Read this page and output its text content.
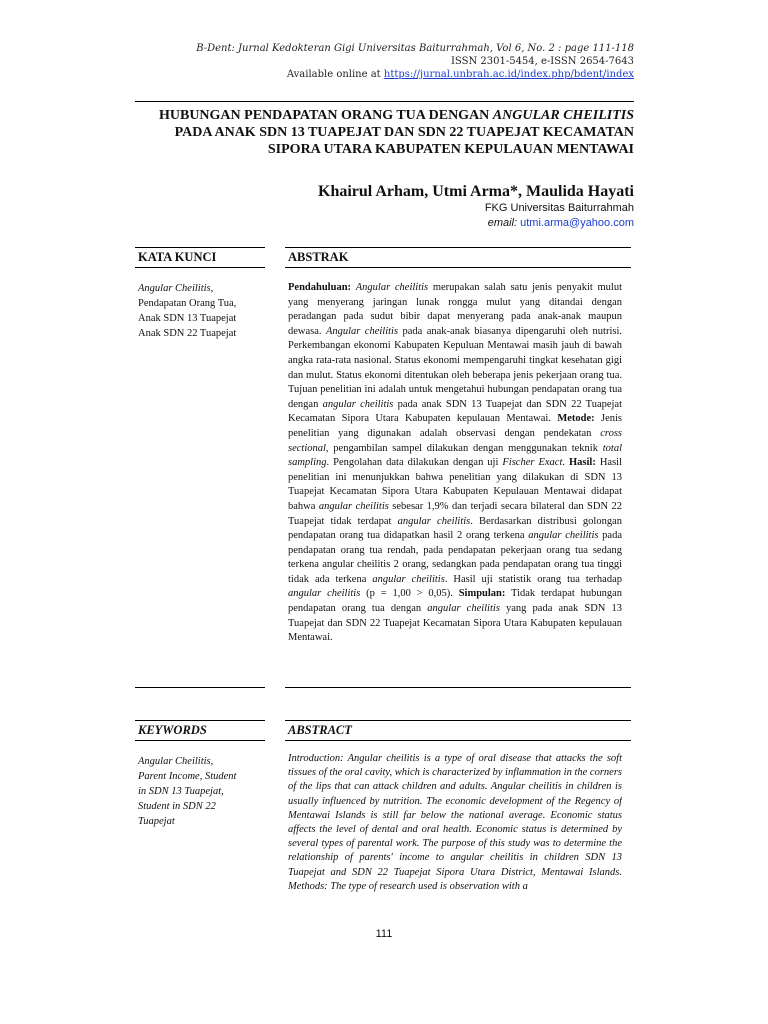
B-Dent: Jurnal Kedokteran Gigi Universitas Baiturrahmah, Vol 6, No. 2 : page 111-118
ISSN 2301-5454, e-ISSN 2654-7643
Available online at https://jurnal.unbrah.ac.id/index.php/bdent/index
HUBUNGAN PENDAPATAN ORANG TUA DENGAN ANGULAR CHEILITIS PADA ANAK SDN 13 TUAPEJAT DAN SDN 22 TUAPEJAT KECAMATAN SIPORA UTARA KABUPATEN KEPULAUAN MENTAWAI
Khairul Arham, Utmi Arma*, Maulida Hayati
FKG Universitas Baiturrahmah
email: utmi.arma@yahoo.com
KATA KUNCI	ABSTRAK
Angular Cheilitis,
Pendapatan Orang Tua,
Anak SDN 13 Tuapejat
Anak SDN 22 Tuapejat
Pendahuluan: Angular cheilitis merupakan salah satu jenis penyakit mulut yang menyerang jaringan lunak rongga mulut yang ditandai dengan peradangan pada sudut bibir dapat menyerang pada anak-anak maupun dewasa. Angular cheilitis pada anak-anak biasanya dipengaruhi oleh nutrisi. Perkembangan ekonomi Kabupaten Kepuluan Mentawai masih jauh di bawah angka rata-rata nasional. Status ekonomi mempengaruhi tingkat kesehatan gigi dan mulut. Status ekonomi ditentukan oleh beberapa jenis pekerjaan orang tua. Tujuan penelitian ini adalah untuk mengetahui hubungan pendapatan orang tua dengan angular cheilitis pada anak SDN 13 Tuapejat dan SDN 22 Tuapejat Kecamatan Sipora Utara Kabupaten kepulauan Mentawai. Metode: Jenis penelitian yang digunakan adalah observasi dengan pendekatan cross sectional, pengambilan sampel dilakukan dengan menggunakan teknik total sampling. Pengolahan data dilakukan dengan uji Fischer Exact. Hasil: Hasil penelitian ini menunjukkan bahwa penelitian yang dilakukan di SDN 13 Tuapejat Kecamatan Sipora Utara Kabupaten Kepulauan Mentawai didapat bahwa angular cheilitis sebesar 1,9% dan terjadi secara bilateral dan SDN 22 Tuapejat tidak terdapat angular cheilitis. Berdasarkan distribusi golongan pendapatan orang tua didapatkan hasil 2 orang terkena angular cheilitis pada pendapatan orang tua rendah, pada pendapatan pekerjaan orang tua sedang terkena angular cheilitis 2 orang, sedangkan pada pendapatan orang tua tinggi tidak ada terkena angular cheilitis. Hasil uji statistik orang tua terhadap angular cheilitis (p = 1,00 > 0,05). Simpulan: Tidak terdapat hubungan pendapatan orang tua dengan angular cheilitis yang pada anak SDN 13 Tuapejat dan SDN 22 Tuapejat Kecamatan Sipora Utara Kabupaten kepulauan Mentawai.
KEYWORDS	ABSTRACT
Angular Cheilitis,
Parent Income, Student
in SDN 13 Tuapejat,
Student in SDN 22
Tuapejat
Introduction: Angular cheilitis is a type of oral disease that attacks the soft tissues of the oral cavity, which is characterized by inflammation in the corners of the lips that can attack children and adults. Angular cheilitis in children is usually influenced by nutrition. The economic development of the Regency of Mentawai Islands is still far below the national average. Economic status affects the level of dental and oral health. Economic status is determined by several types of parental work. The purpose of this study was to determine the relationship of parents' income to angular cheilitis in children SDN 13 Tuapejat and SDN 22 Tuapejat Sipora Utara District, Mentawai Islands. Methods: The type of research used is observation with a
111
